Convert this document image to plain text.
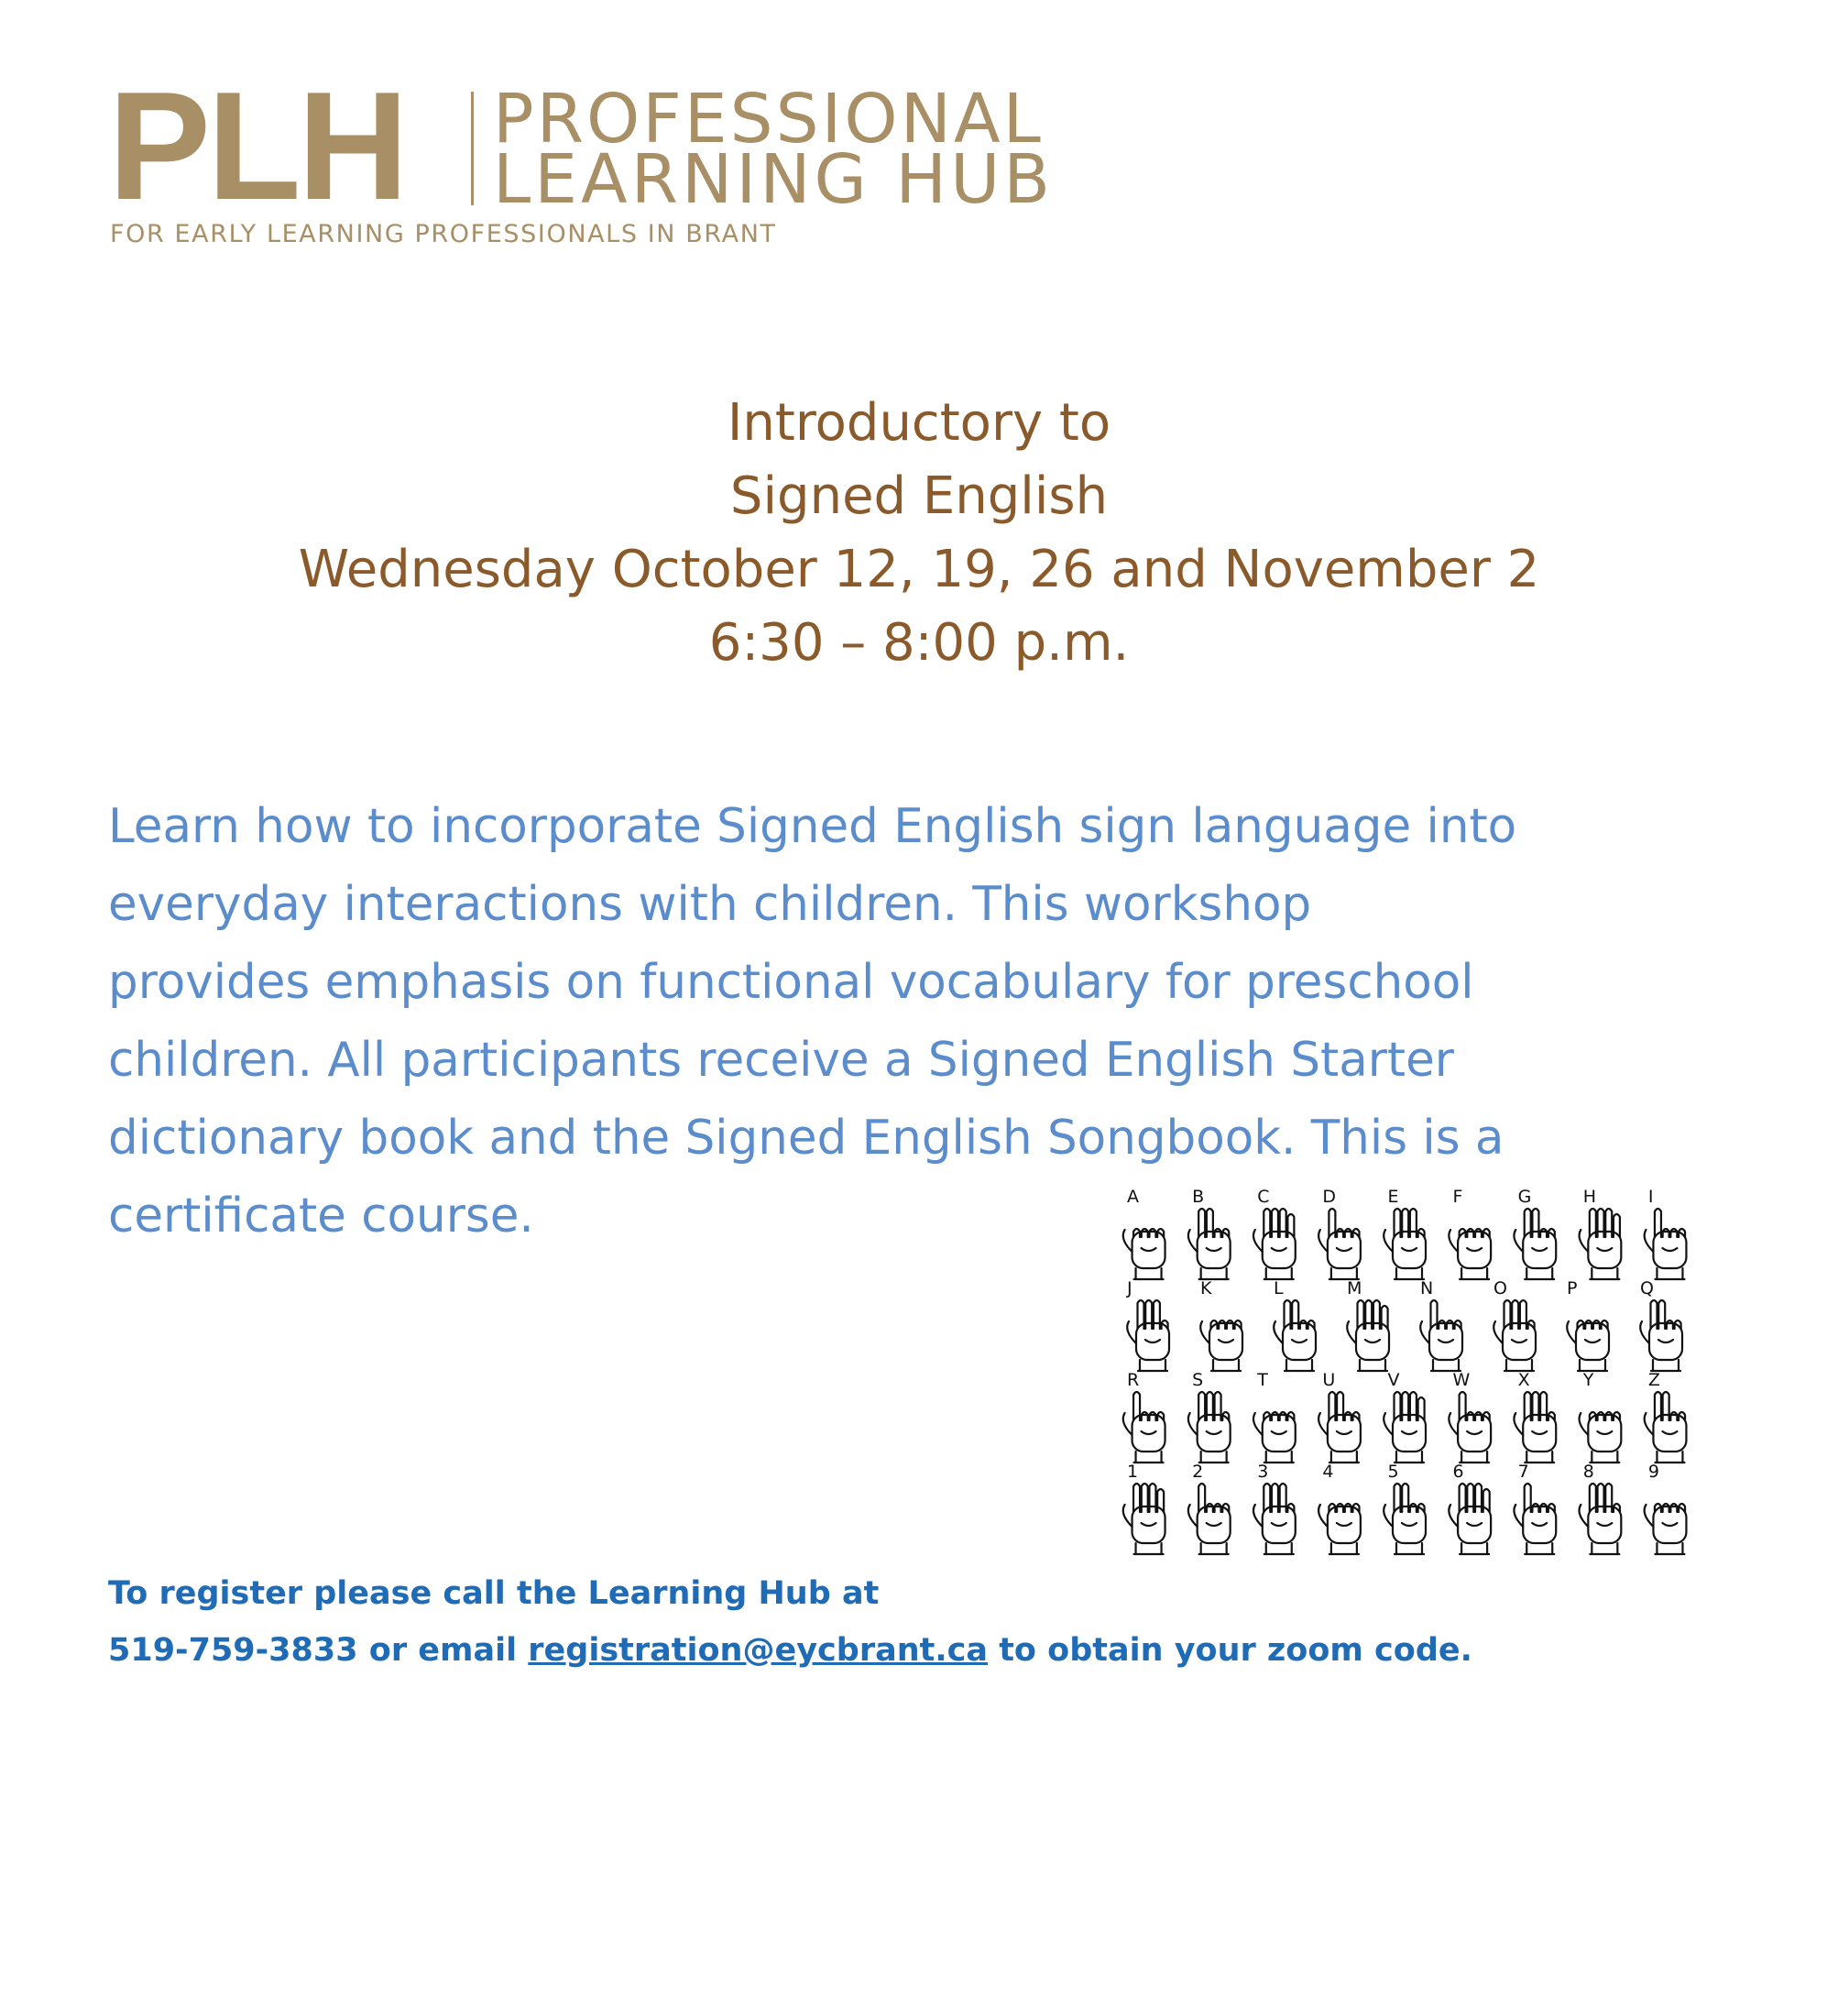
PLH PROFESSIONAL
LEARNING HUB
FOR EARLY LEARNING PROFESSIONALS IN BRANT
Introductory to
Signed English
Wednesday October 12, 19, 26 and November 2
6:30 – 8:00 p.m.
Learn how to incorporate Signed English sign language into
everyday interactions with children. This workshop
provides emphasis on functional vocabulary for preschool
children. All participants receive a Signed English Starter
dictionary book and the Signed English Songbook. This is a
certificate course.	A	B	C	D	E	F	G	H	I
J	K	L	M	N	O	P	Q
R	S	T	U	V	W	X	Y	Z
1	2	3	4	5	6	7	8	9
To register please call the Learning Hub at
519-759-3833 or email registration@eycbrant.ca to obtain your zoom code.
